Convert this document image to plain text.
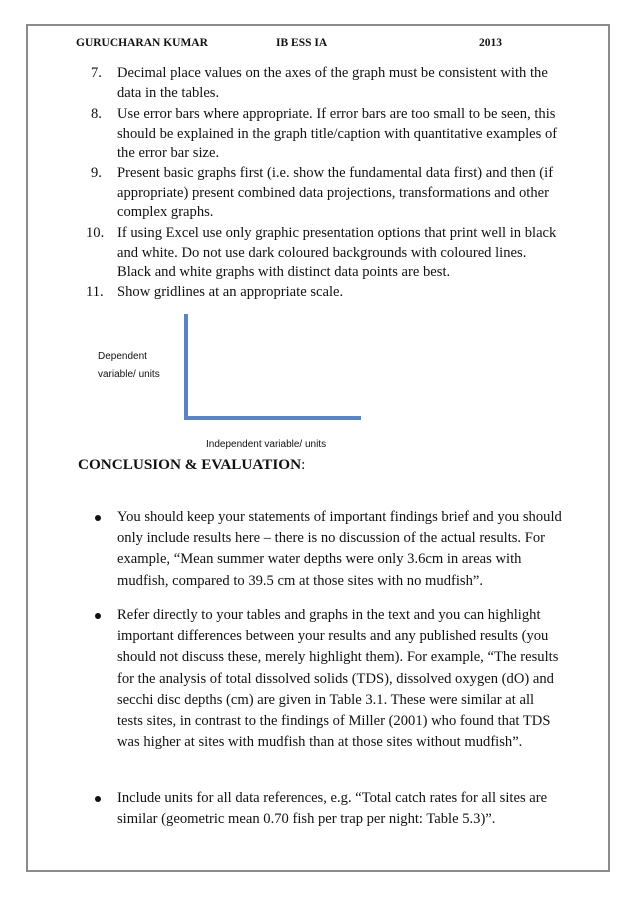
GURUCHARAN KUMAR	IB ESS IA	2013
7. Decimal place values on the axes of the graph must be consistent with the
data in the tables.
8. Use error bars where appropriate. If error bars are too small to be seen, this
should be explained in the graph title/caption with quantitative examples of
the error bar size.
9. Present basic graphs first (i.e. show the fundamental data first) and then (if
appropriate) present combined data projections, transformations and other
complex graphs.
10. If using Excel use only graphic presentation options that print well in black
and white. Do not use dark coloured backgrounds with coloured lines.
Black and white graphs with distinct data points are best.
11. Show gridlines at an appropriate scale.
Dependent
variable/ units
Independent variable/ units
CONCLUSION & EVALUATION:
You should keep your statements of important findings brief and you should
only include results here – there is no discussion of the actual results. For
example, “Mean summer water depths were only 3.6cm in areas with
mudfish, compared to 39.5 cm at those sites with no mudfish”.
Refer directly to your tables and graphs in the text and you can highlight
important differences between your results and any published results (you
should not discuss these, merely highlight them). For example, “The results
for the analysis of total dissolved solids (TDS), dissolved oxygen (dO) and
secchi disc depths (cm) are given in Table 3.1. These were similar at all
tests sites, in contrast to the findings of Miller (2001) who found that TDS
was higher at sites with mudfish than at those sites without mudfish”.
Include units for all data references, e.g. “Total catch rates for all sites are
similar (geometric mean 0.70 fish per trap per night: Table 5.3)”.
